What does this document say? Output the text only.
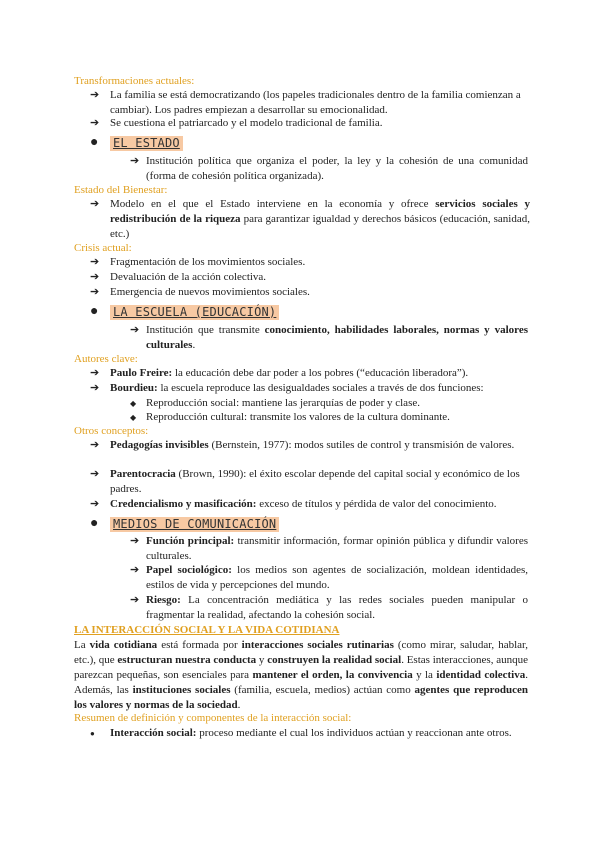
Transformaciones actuales:
➔ La familia se está democratizando (los papeles tradicionales dentro de la familia comienzan a cambiar). Los padres empiezan a desarrollar su emocionalidad.
➔ Se cuestiona el patriarcado y el modelo tradicional de familia.
● EL ESTADO
➔ Institución política que organiza el poder, la ley y la cohesión de una comunidad (forma de cohesión política organizada).
Estado del Bienestar:
➔ Modelo en el que el Estado interviene en la economía y ofrece servicios sociales y redistribución de la riqueza para garantizar igualdad y derechos básicos (educación, sanidad, etc.)
Crisis actual:
➔ Fragmentación de los movimientos sociales.
➔ Devaluación de la acción colectiva.
➔ Emergencia de nuevos movimientos sociales.
● LA ESCUELA (EDUCACIÓN)
➔ Institución que transmite conocimiento, habilidades laborales, normas y valores culturales.
Autores clave:
➔ Paulo Freire: la educación debe dar poder a los pobres (“educación liberadora”).
➔ Bourdieu: la escuela reproduce las desigualdades sociales a través de dos funciones:
◆ Reproducción social: mantiene las jerarquías de poder y clase.
◆ Reproducción cultural: transmite los valores de la cultura dominante.
Otros conceptos:
➔ Pedagogías invisibles (Bernstein, 1977): modos sutiles de control y transmisión de valores.
➔ Parentocracia (Brown, 1990): el éxito escolar depende del capital social y económico de los padres.
➔ Credencialismo y masificación: exceso de títulos y pérdida de valor del conocimiento.
● MEDIOS DE COMUNICACIÓN
➔ Función principal: transmitir información, formar opinión pública y difundir valores culturales.
➔ Papel sociológico: los medios son agentes de socialización, moldean identidades, estilos de vida y percepciones del mundo.
➔ Riesgo: La concentración mediática y las redes sociales pueden manipular o fragmentar la realidad, afectando la cohesión social.
LA INTERACCIÓN SOCIAL Y LA VIDA COTIDIANA
La vida cotidiana está formada por interacciones sociales rutinarias (como mirar, saludar, hablar, etc.), que estructuran nuestra conducta y construyen la realidad social. Estas interacciones, aunque parezcan pequeñas, son esenciales para mantener el orden, la convivencia y la identidad colectiva. Además, las instituciones sociales (familia, escuela, medios) actúan como agentes que reproducen los valores y normas de la sociedad.
Resumen de definición y componentes de la interacción social:
● Interacción social: proceso mediante el cual los individuos actúan y reaccionan ante otros.
